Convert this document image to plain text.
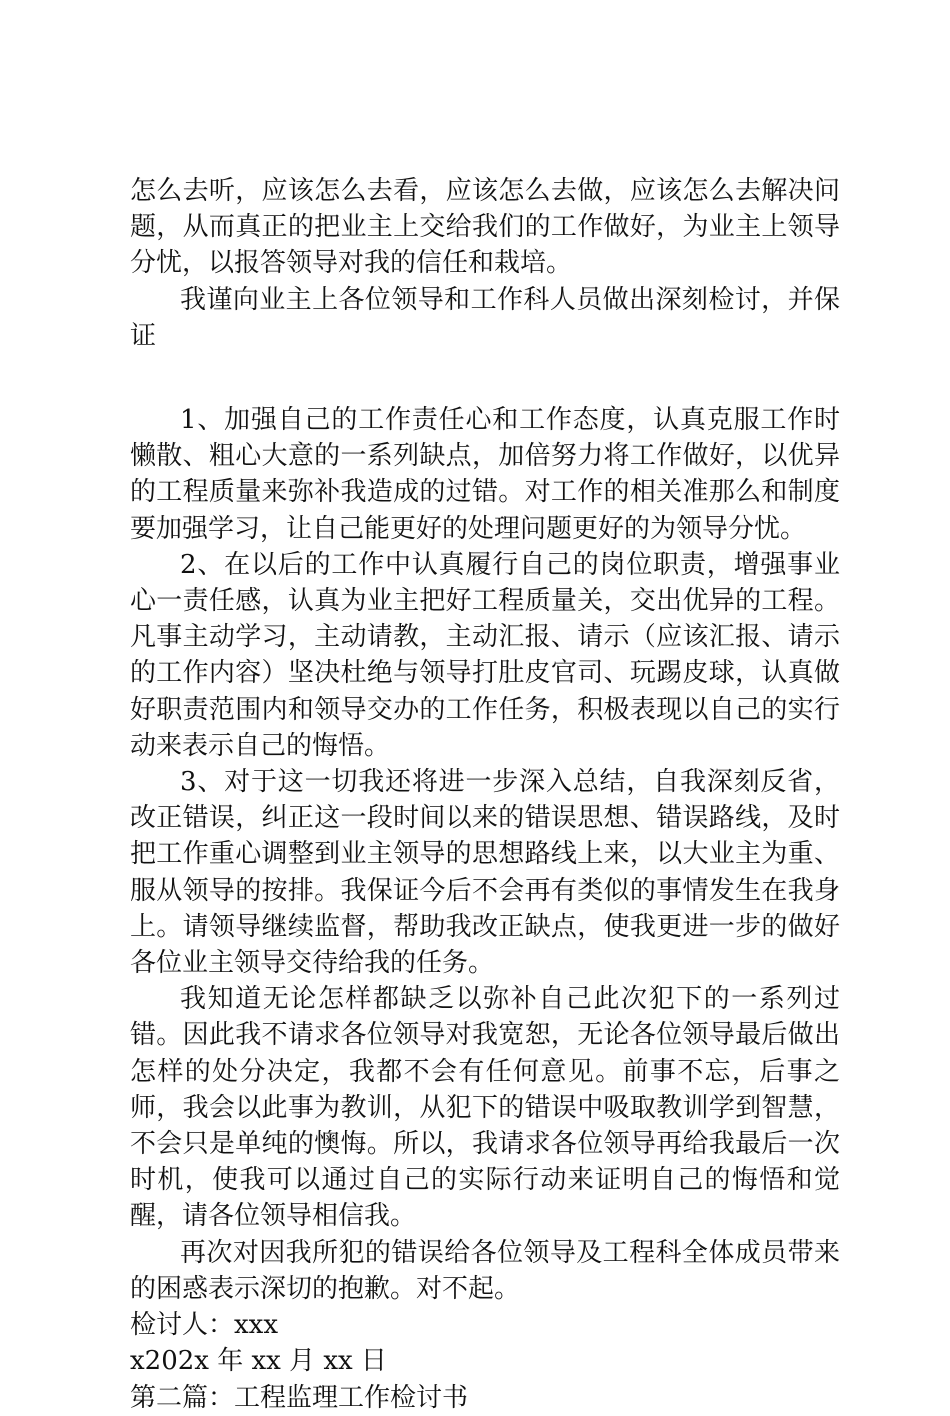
怎么去听，应该怎么去看，应该怎么去做，应该怎么去解决问题，从而真正的把业主上交给我们的工作做好，为业主上领导分忧，以报答领导对我的信任和栽培。

我谨向业主上各位领导和工作科人员做出深刻检讨，并保证

1、加强自己的工作责任心和工作态度，认真克服工作时懒散、粗心大意的一系列缺点，加倍努力将工作做好，以优异的工程质量来弥补我造成的过错。对工作的相关准那么和制度要加强学习，让自己能更好的处理问题更好的为领导分忧。

2、在以后的工作中认真履行自己的岗位职责，增强事业心一责任感，认真为业主把好工程质量关，交出优异的工程。凡事主动学习，主动请教，主动汇报、请示（应该汇报、请示的工作内容）坚决杜绝与领导打肚皮官司、玩踢皮球，认真做好职责范围内和领导交办的工作任务，积极表现以自己的实行动来表示自己的悔悟。

3、对于这一切我还将进一步深入总结，自我深刻反省，改正错误，纠正这一段时间以来的错误思想、错误路线，及时把工作重心调整到业主领导的思想路线上来，以大业主为重、服从领导的按排。我保证今后不会再有类似的事情发生在我身上。请领导继续监督，帮助我改正缺点，使我更进一步的做好各位业主领导交待给我的任务。

我知道无论怎样都缺乏以弥补自己此次犯下的一系列过错。因此我不请求各位领导对我宽恕，无论各位领导最后做出怎样的处分决定，我都不会有任何意见。前事不忘，后事之师，我会以此事为教训，从犯下的错误中吸取教训学到智慧，不会只是单纯的懊悔。所以，我请求各位领导再给我最后一次时机，使我可以通过自己的实际行动来证明自己的悔悟和觉醒，请各位领导相信我。

再次对因我所犯的错误给各位领导及工程科全体成员带来的困惑表示深切的抱歉。对不起。

检讨人：xxx

x202x 年 xx 月 xx 日

第二篇：工程监理工作检讨书
